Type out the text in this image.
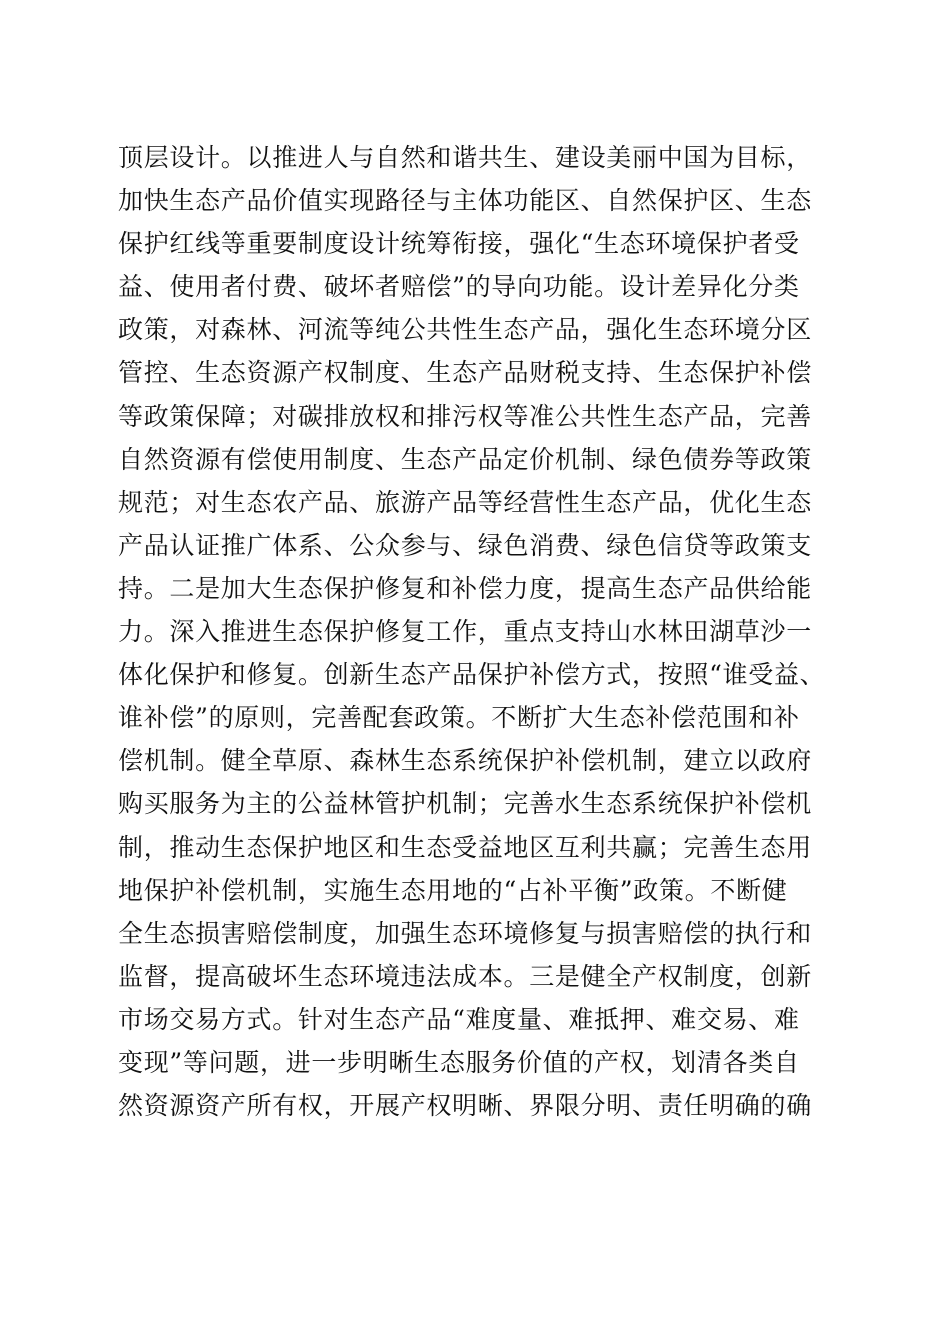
顶层设计。以推进人与自然和谐共生、建设美丽中国为目标，
加快生态产品价值实现路径与主体功能区、自然保护区、生态
保护红线等重要制度设计统筹衔接，强化“生态环境保护者受
益、使用者付费、破坏者赔偿”的导向功能。设计差异化分类
政策，对森林、河流等纯公共性生态产品，强化生态环境分区
管控、生态资源产权制度、生态产品财税支持、生态保护补偿
等政策保障；对碳排放权和排污权等准公共性生态产品，完善
自然资源有偿使用制度、生态产品定价机制、绿色债券等政策
规范；对生态农产品、旅游产品等经营性生态产品，优化生态
产品认证推广体系、公众参与、绿色消费、绿色信贷等政策支
持。二是加大生态保护修复和补偿力度，提高生态产品供给能
力。深入推进生态保护修复工作，重点支持山水林田湖草沙一
体化保护和修复。创新生态产品保护补偿方式，按照“谁受益、
谁补偿”的原则，完善配套政策。不断扩大生态补偿范围和补
偿机制。健全草原、森林生态系统保护补偿机制，建立以政府
购买服务为主的公益林管护机制；完善水生态系统保护补偿机
制，推动生态保护地区和生态受益地区互利共赢；完善生态用
地保护补偿机制，实施生态用地的“占补平衡”政策。不断健
全生态损害赔偿制度，加强生态环境修复与损害赔偿的执行和
监督，提高破坏生态环境违法成本。三是健全产权制度，创新
市场交易方式。针对生态产品“难度量、难抵押、难交易、难
变现”等问题，进一步明晰生态服务价值的产权，划清各类自
然资源资产所有权，开展产权明晰、界限分明、责任明确的确
